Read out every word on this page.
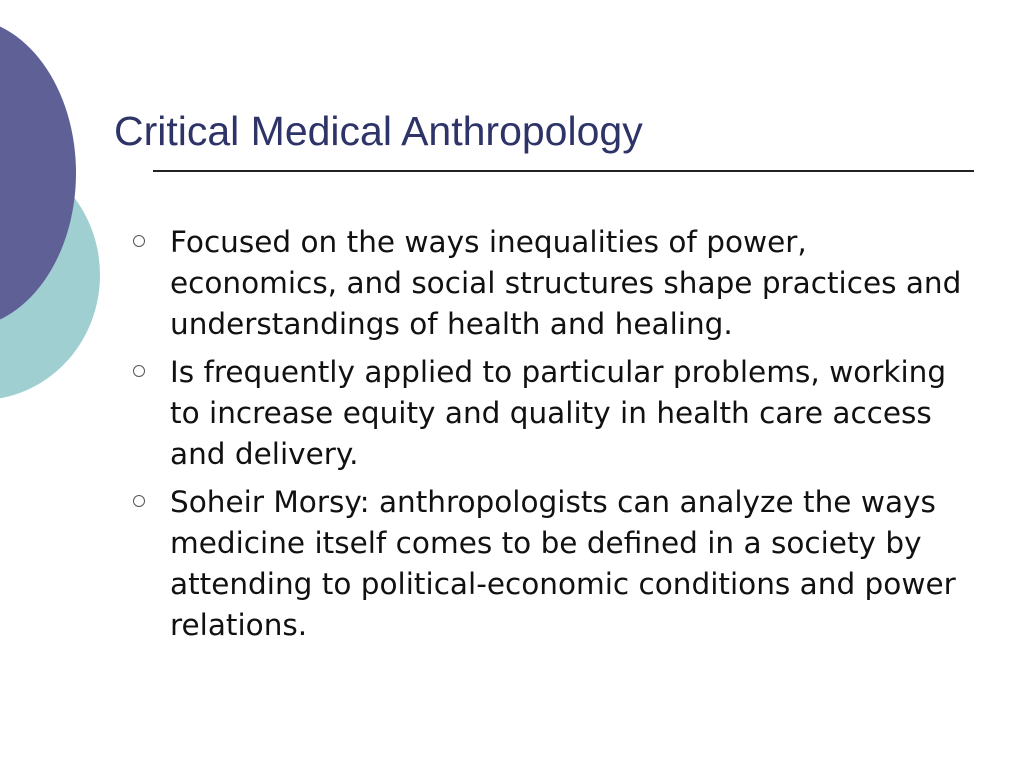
Critical Medical Anthropology
Focused on the ways inequalities of power, economics, and social structures shape practices and understandings of health and healing.
Is frequently applied to particular problems, working to increase equity and quality in health care access and delivery.
Soheir Morsy: anthropologists can analyze the ways medicine itself comes to be defined in a society by attending to political-economic conditions and power relations.
